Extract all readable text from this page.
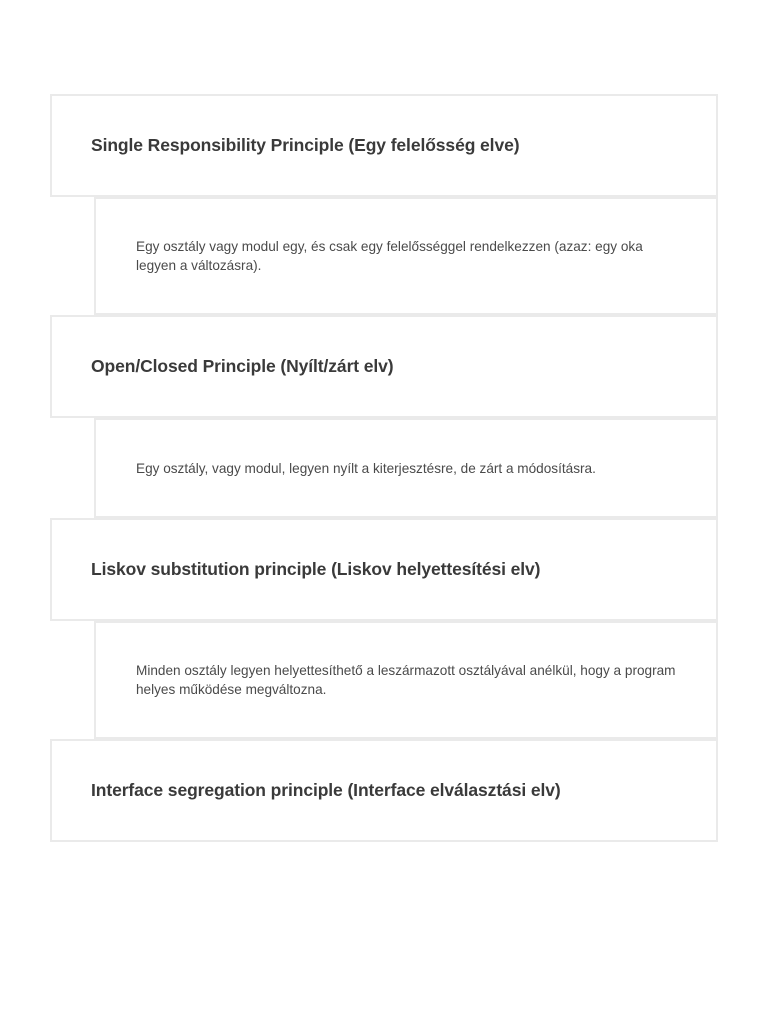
Single Responsibility Principle (Egy felelősség elve)

Egy osztály vagy modul egy, és csak egy felelősséggel rendelkezzen (azaz: egy oka legyen a változásra).

Open/Closed Principle (Nyílt/zárt elv)

Egy osztály, vagy modul, legyen nyílt a kiterjesztésre, de zárt a módosításra.

Liskov substitution principle (Liskov helyettesítési elv)

Minden osztály legyen helyettesíthető a leszármazott osztályával anélkül, hogy a program helyes működése megváltozna.

Interface segregation principle (Interface elválasztási elv)
